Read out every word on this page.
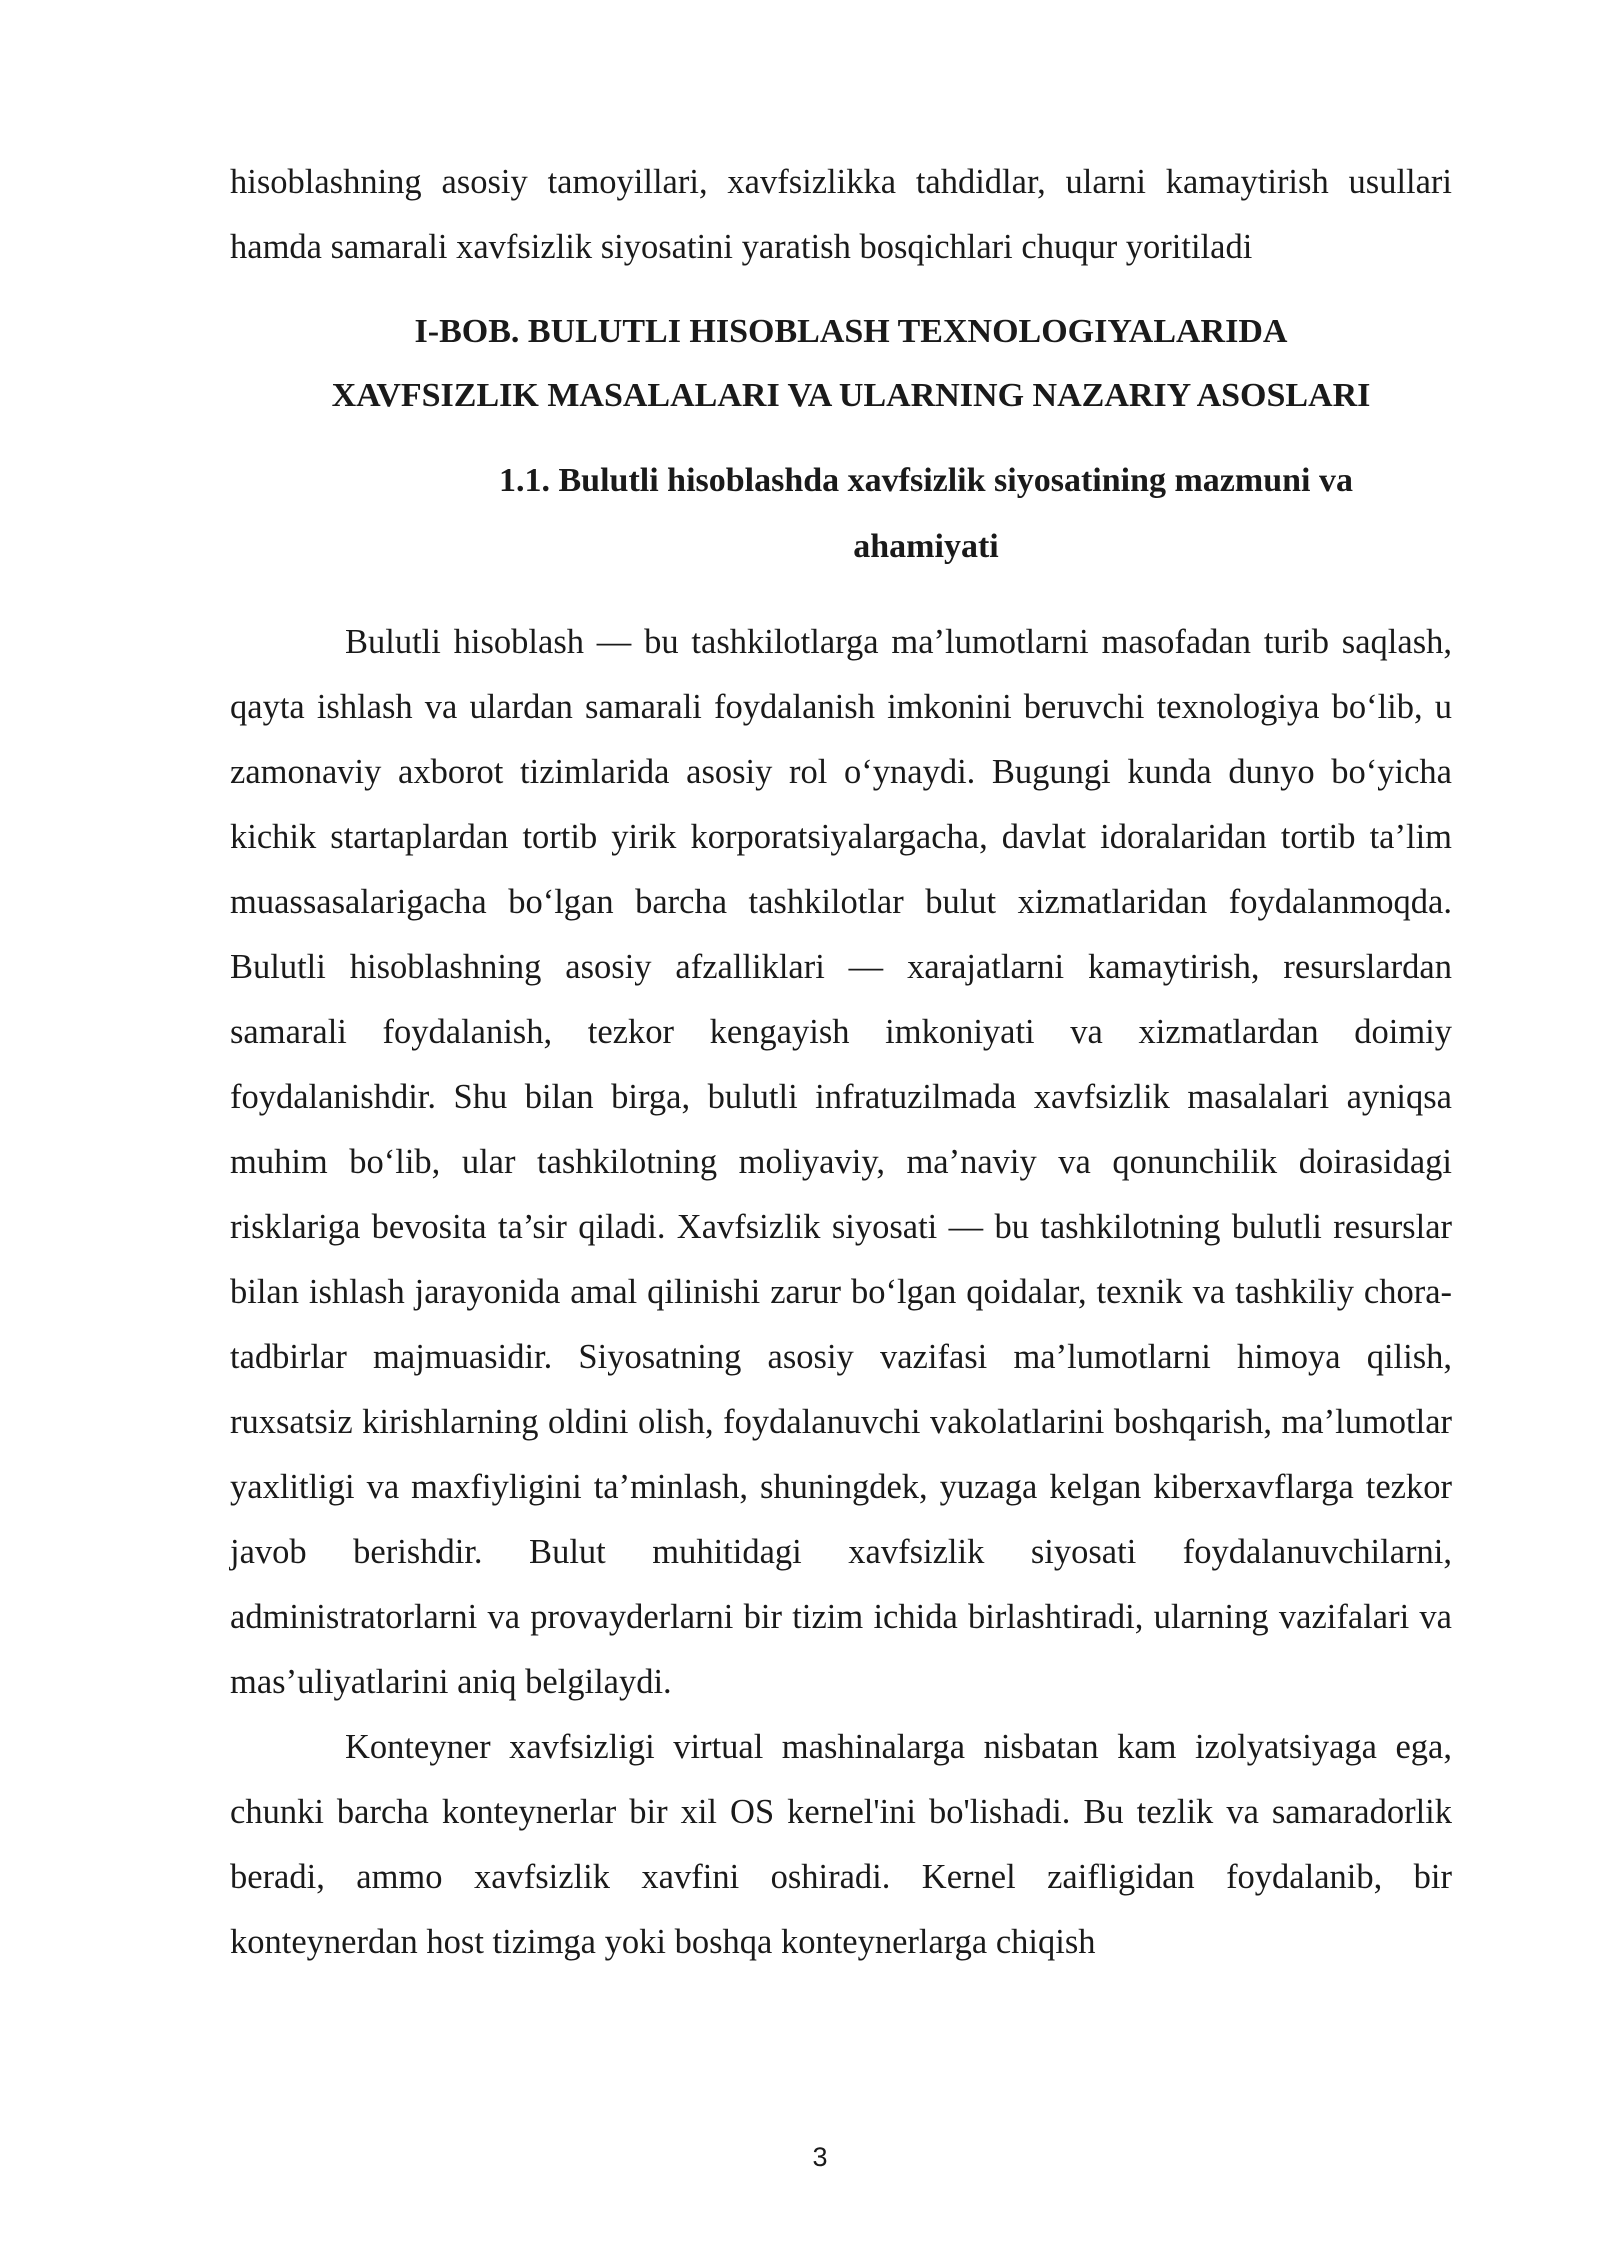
hisoblashning asosiy tamoyillari, xavfsizlikka tahdidlar, ularni kamaytirish usullari hamda samarali xavfsizlik siyosatini yaratish bosqichlari chuqur yoritiladi

I-BOB. BULUTLI HISOBLASH TEXNOLOGIYALARIDA
XAVFSIZLIK MASALALARI VA ULARNING NAZARIY ASOSLARI
1.1. Bulutli hisoblashda xavfsizlik siyosatining mazmuni va
ahamiyati

Bulutli hisoblash — bu tashkilotlarga ma’lumotlarni masofadan turib saqlash, qayta ishlash va ulardan samarali foydalanish imkonini beruvchi texnologiya bo‘lib, u zamonaviy axborot tizimlarida asosiy rol o‘ynaydi. Bugungi kunda dunyo bo‘yicha kichik startaplardan tortib yirik korporatsiyalargacha, davlat idoralaridan tortib ta’lim muassasalarigacha bo‘lgan barcha tashkilotlar bulut xizmatlaridan foydalanmoqda. Bulutli hisoblashning asosiy afzalliklari — xarajatlarni kamaytirish, resurslardan samarali foydalanish, tezkor kengayish imkoniyati va xizmatlardan doimiy foydalanishdir. Shu bilan birga, bulutli infratuzilmada xavfsizlik masalalari ayniqsa muhim bo‘lib, ular tashkilotning moliyaviy, ma’naviy va qonunchilik doirasidagi risklariga bevosita ta’sir qiladi. Xavfsizlik siyosati — bu tashkilotning bulutli resurslar bilan ishlash jarayonida amal qilinishi zarur bo‘lgan qoidalar, texnik va tashkiliy chora-tadbirlar majmuasidir. Siyosatning asosiy vazifasi ma’lumotlarni himoya qilish, ruxsatsiz kirishlarning oldini olish, foydalanuvchi vakolatlarini boshqarish, ma’lumotlar yaxlitligi va maxfiyligini ta’minlash, shuningdek, yuzaga kelgan kiberxavflarga tezkor javob berishdir. Bulut muhitidagi xavfsizlik siyosati foydalanuvchilarni, administratorlarni va provayderlarni bir tizim ichida birlashtiradi, ularning vazifalari va mas’uliyatlarini aniq belgilaydi.

Konteyner xavfsizligi virtual mashinalarga nisbatan kam izolyatsiyaga ega, chunki barcha konteynerlar bir xil OS kernel'ini bo'lishadi. Bu tezlik va samaradorlik beradi, ammo xavfsizlik xavfini oshiradi. Kernel zaifligidan foydalanib, bir konteynerdan host tizimga yoki boshqa konteynerlarga chiqish

3
